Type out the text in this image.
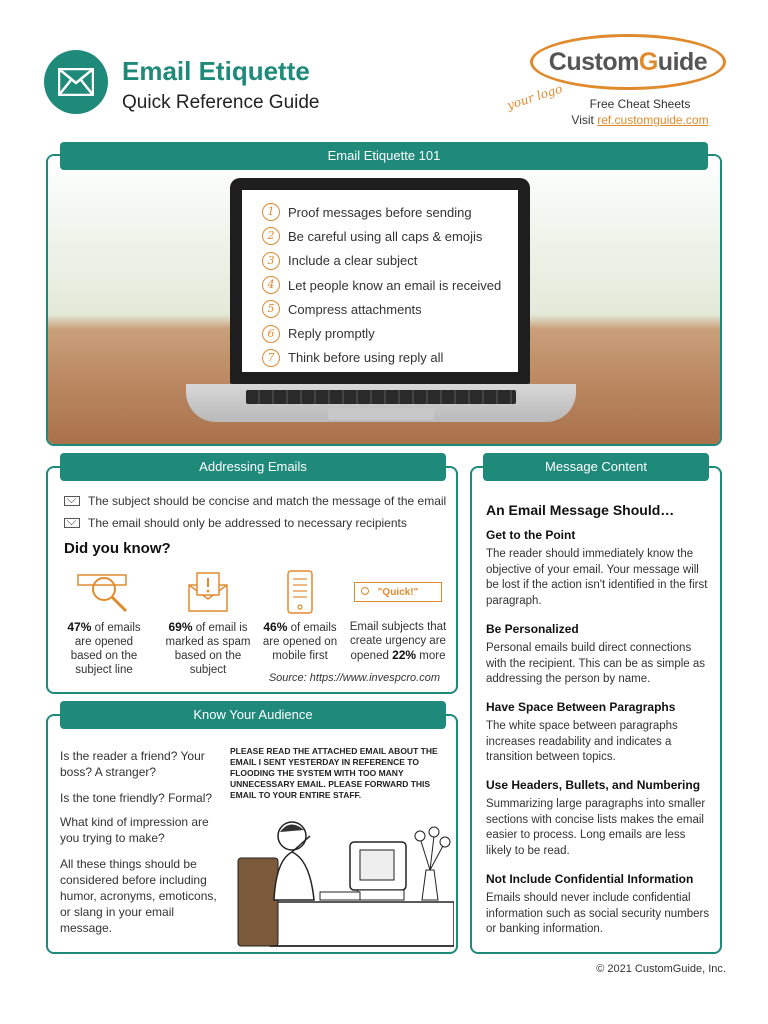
Email Etiquette
Quick Reference Guide
CustomGuide
your logo	Free Cheat Sheets
Visit ref.customguide.com
1	Proof messages before sending
2	Be careful using all caps & emojis
3	Include a clear subject
4	Let people know an email is received
5	Compress attachments
6	Reply promptly
7	Think before using reply all
Email Etiquette 101
The subject should be concise and match the message of the email
The email should only be addressed to necessary recipients
Did you know?
47% of emails are opened based on the subject line
69% of email is marked as spam based on the subject
46% of emails are opened on mobile first
"Quick!"
Email subjects that create urgency are opened 22% more
Source: https://www.invespcro.com
Addressing Emails
Is the reader a friend? Your boss? A stranger?
Is the tone friendly? Formal?
What kind of impression are you trying to make?
All these things should be considered before including humor, acronyms, emoticons, or slang in your email message.
PLEASE READ THE ATTACHED EMAIL ABOUT THE EMAIL I SENT YESTERDAY IN REFERENCE TO FLOODING THE SYSTEM WITH TOO MANY UNNECESSARY EMAIL. PLEASE FORWARD THIS EMAIL TO YOUR ENTIRE STAFF.
Know Your Audience
An Email Message Should…
Get to the Point

The reader should immediately know the objective of your email. Your message will be lost if the action isn't identified in the first paragraph.

Be Personalized

Personal emails build direct connections with the recipient. This can be as simple as addressing the person by name.

Have Space Between Paragraphs

The white space between paragraphs increases readability and indicates a transition between topics.

Use Headers, Bullets, and Numbering

Summarizing large paragraphs into smaller sections with concise lists makes the email easier to process. Long emails are less likely to be read.

Not Include Confidential Information

Emails should never include confidential information such as social security numbers or banking information.

Message Content
© 2021 CustomGuide, Inc.
